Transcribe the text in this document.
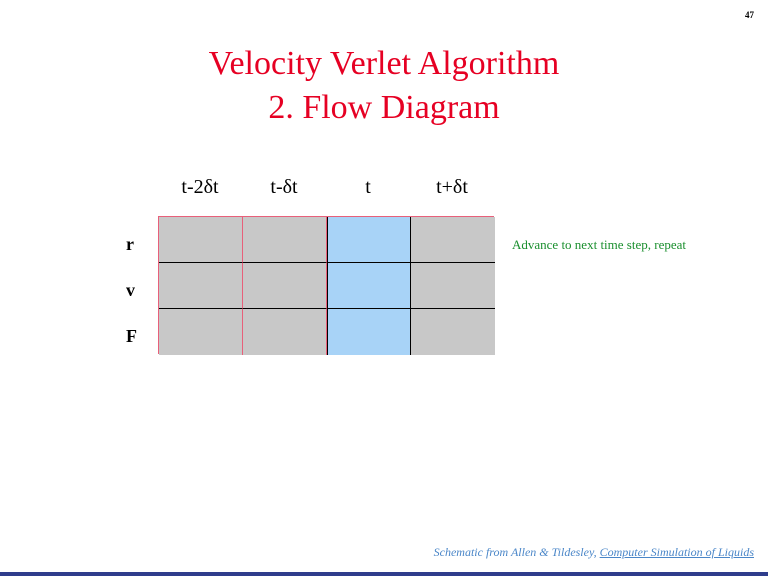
47
Velocity Verlet Algorithm
2. Flow Diagram
t-2δt	t-δt	t	t+δt
r
v
F
Advance to next time step, repeat
Schematic from Allen & Tildesley, Computer Simulation of Liquids
